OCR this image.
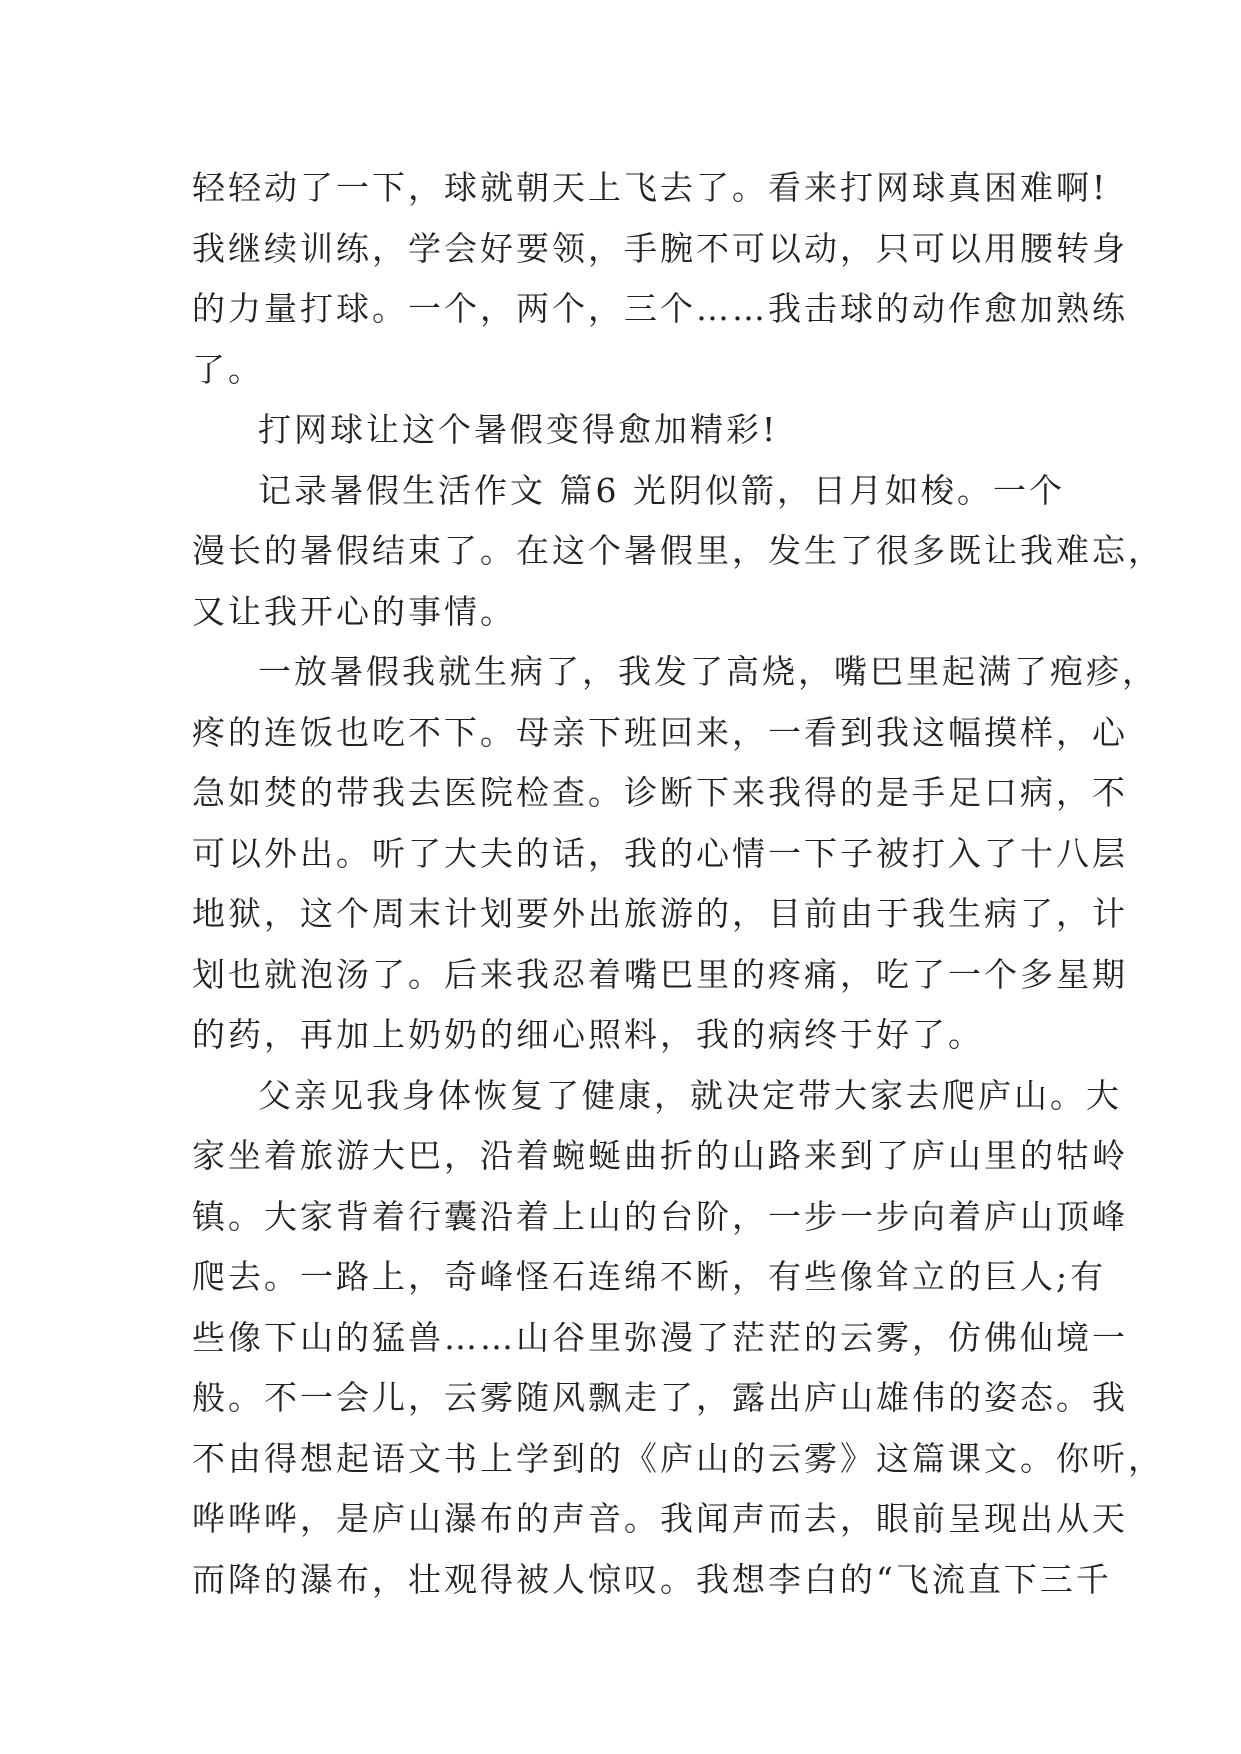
轻轻动了一下，球就朝天上飞去了。看来打网球真困难啊!
我继续训练，学会好要领，手腕不可以动，只可以用腰转身
的力量打球。一个，两个，三个……我击球的动作愈加熟练
了。
打网球让这个暑假变得愈加精彩!
记录暑假生活作文 篇6 光阴似箭，日月如梭。一个
漫长的暑假结束了。在这个暑假里，发生了很多既让我难忘，
又让我开心的事情。
一放暑假我就生病了，我发了高烧，嘴巴里起满了疱疹，
疼的连饭也吃不下。母亲下班回来，一看到我这幅摸样，心
急如焚的带我去医院检查。诊断下来我得的是手足口病，不
可以外出。听了大夫的话，我的心情一下子被打入了十八层
地狱，这个周末计划要外出旅游的，目前由于我生病了，计
划也就泡汤了。后来我忍着嘴巴里的疼痛，吃了一个多星期
的药，再加上奶奶的细心照料，我的病终于好了。
父亲见我身体恢复了健康，就决定带大家去爬庐山。大
家坐着旅游大巴，沿着蜿蜒曲折的山路来到了庐山里的牯岭
镇。大家背着行囊沿着上山的台阶，一步一步向着庐山顶峰
爬去。一路上，奇峰怪石连绵不断，有些像耸立的巨人;有
些像下山的猛兽……山谷里弥漫了茫茫的云雾，仿佛仙境一
般。不一会儿，云雾随风飘走了，露出庐山雄伟的姿态。我
不由得想起语文书上学到的《庐山的云雾》这篇课文。你听，
哗哗哗，是庐山瀑布的声音。我闻声而去，眼前呈现出从天
而降的瀑布，壮观得被人惊叹。我想李白的“飞流直下三千
